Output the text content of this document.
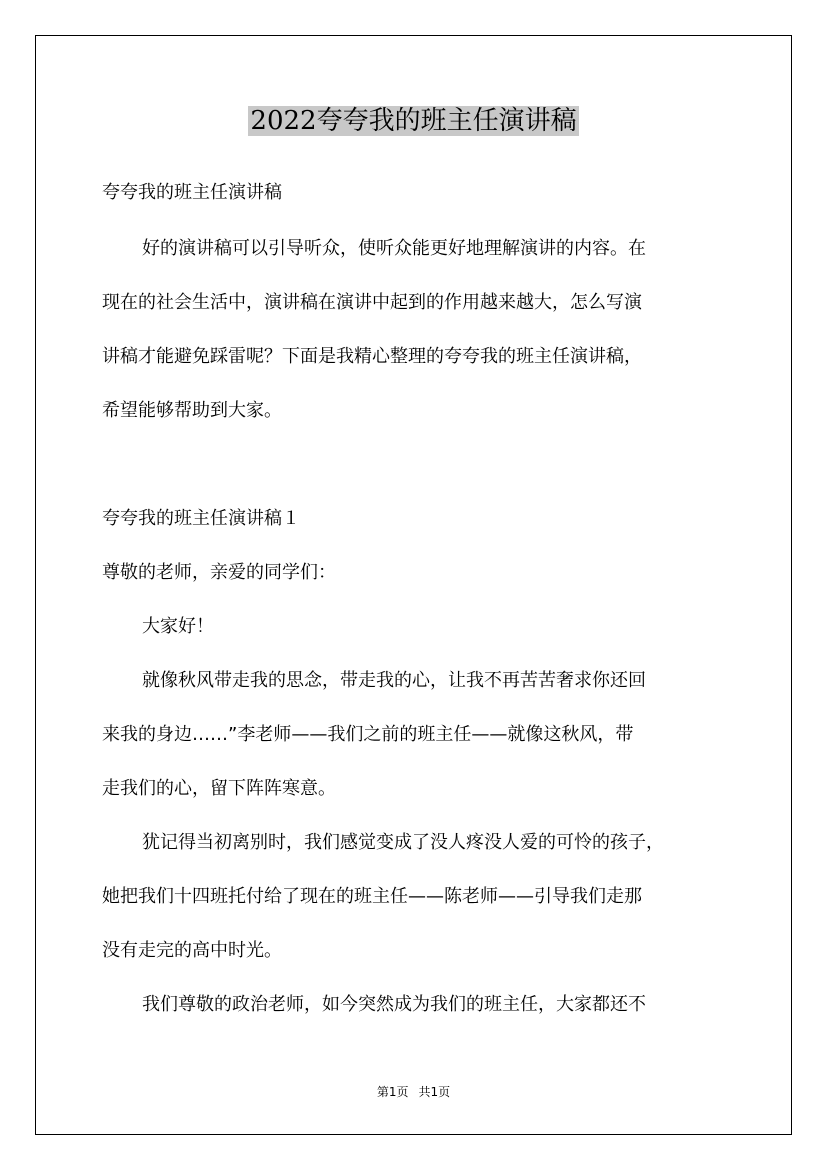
2022夸夸我的班主任演讲稿
夸夸我的班主任演讲稿
好的演讲稿可以引导听众，使听众能更好地理解演讲的内容。在
现在的社会生活中，演讲稿在演讲中起到的作用越来越大，怎么写演
讲稿才能避免踩雷呢？下面是我精心整理的夸夸我的班主任演讲稿，
希望能够帮助到大家。
夸夸我的班主任演讲稿１
尊敬的老师，亲爱的同学们：
大家好！
就像秋风带走我的思念，带走我的心，让我不再苦苦奢求你还回
来我的身边……”李老师——我们之前的班主任——就像这秋风，带
走我们的心，留下阵阵寒意。
犹记得当初离别时，我们感觉变成了没人疼没人爱的可怜的孩子，
她把我们十四班托付给了现在的班主任——陈老师——引导我们走那
没有走完的高中时光。
我们尊敬的政治老师，如今突然成为我们的班主任，大家都还不
第1页 共1页
